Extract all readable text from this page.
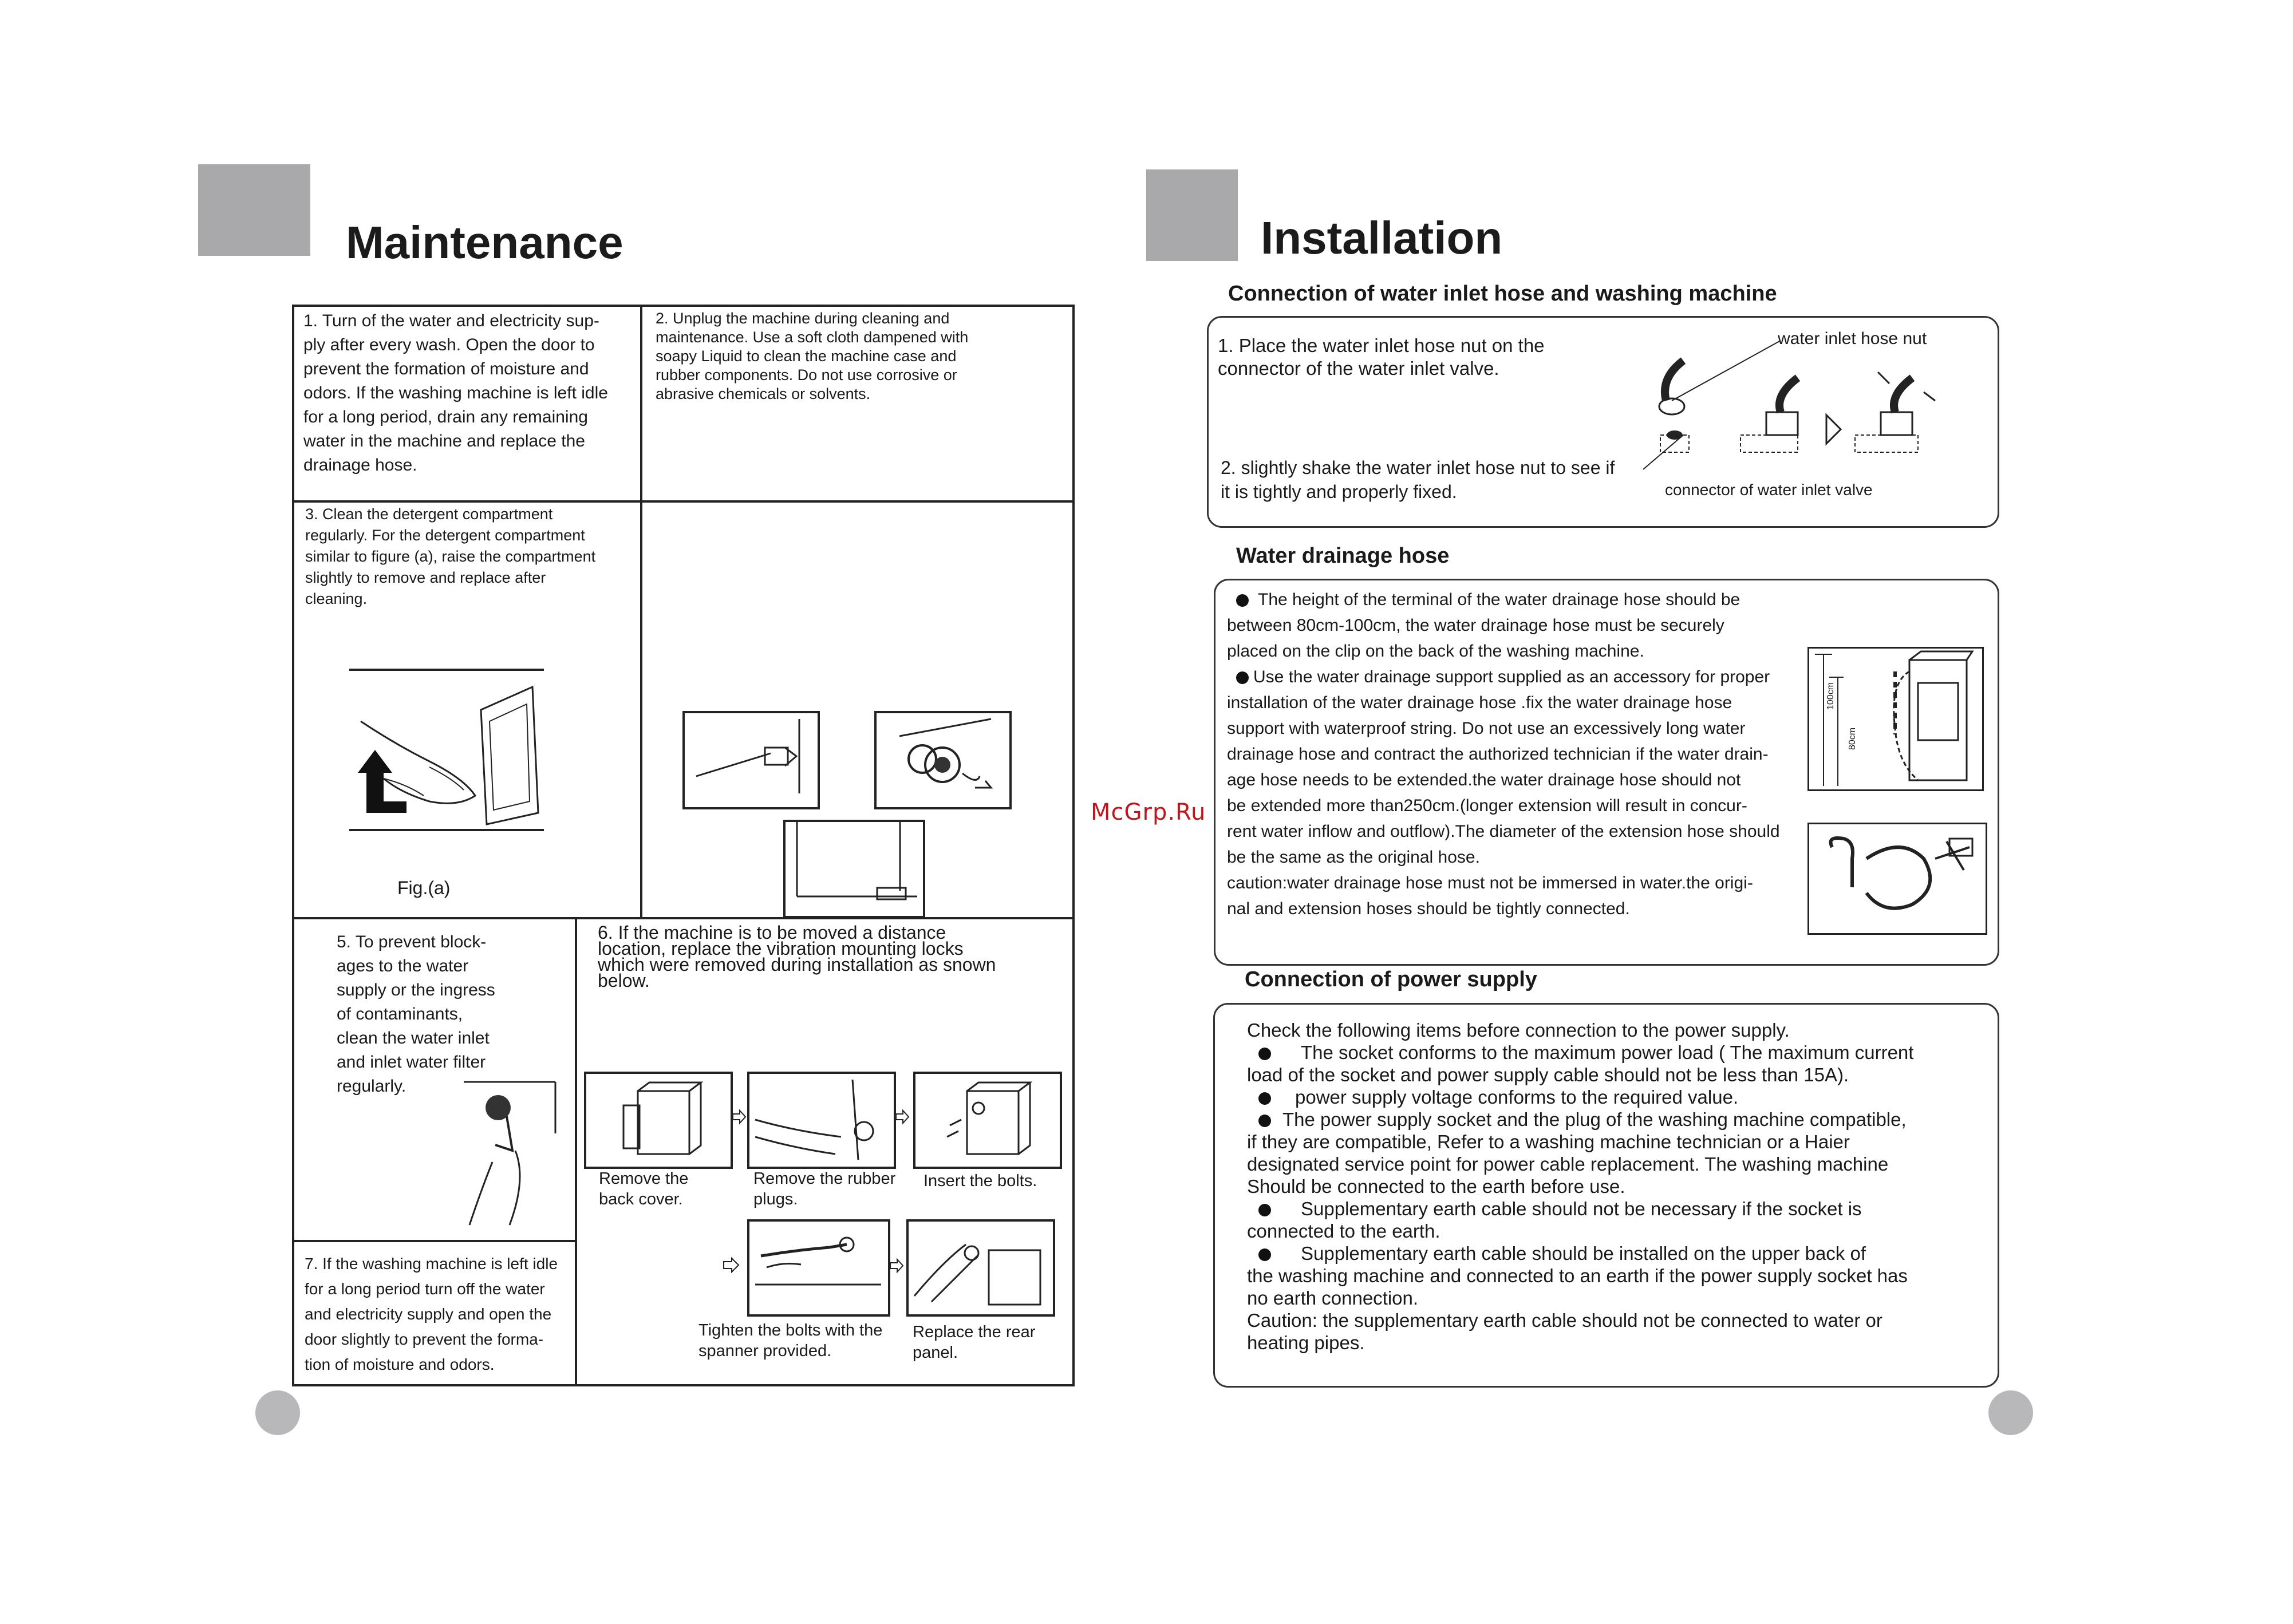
Maintenance
1. Turn of the water and electricity sup-
ply after every wash. Open the door to
prevent the formation of moisture and
odors. If the washing machine is left idle
for a long period, drain any remaining
water in the machine and replace the
drainage hose.
2. Unplug the machine during cleaning and
maintenance. Use a soft cloth dampened with
soapy Liquid to clean the machine case and
rubber components. Do not use corrosive or
abrasive chemicals or solvents.
3. Clean the detergent compartment
regularly. For the detergent compartment
similar to figure (a), raise the compartment
slightly to remove and replace after
cleaning.
Fig.(a)
5. To prevent block-
ages to the water
supply or the ingress
of contaminants,
clean the water inlet
and inlet water filter
regularly.
6. If the machine is to be moved a distance
location, replace the vibration mounting locks
which were removed during installation as snown
below.
Remove the
back cover.
Remove the rubber
plugs.
Insert the bolts.
Tighten the bolts with the
spanner provided.
Replace the rear
panel.
7. If the washing machine is left idle
for a long period turn off the water
and electricity supply and open the
door slightly to prevent the forma-
tion of moisture and odors.
McGrp.Ru
Installation
Connection of water inlet hose and washing machine
1. Place the water inlet hose nut on the
connector of the water inlet valve.
2. slightly shake the water inlet hose nut to see if
it is tightly and properly fixed.
water inlet hose nut
connector of water inlet valve
Water drainage hose
The height of the terminal of the water drainage hose should be
between 80cm-100cm, the water drainage hose must be securely
placed on the clip on the back of the washing machine.
Use the water drainage support supplied as an accessory for proper
installation of the water drainage hose .fix the water drainage hose
support with waterproof string. Do not use an excessively long water
drainage hose and contract the authorized technician if the water drain-
age hose needs to be extended.the water drainage hose should not
be extended more than250cm.(longer extension will result in concur-
rent water inflow and outflow).The diameter of the extension hose should
be the same as the original hose.
caution:water drainage hose must not be immersed in water.the origi-
nal and extension hoses should be tightly connected.
100cm
80cm
Connection of power supply
Check the following items before connection to the power supply.
The socket conforms to the maximum power load ( The maximum current
load of the socket and power supply cable should not be less than 15A).
power supply voltage conforms to the required value.
The power supply socket and the plug of the washing machine compatible,
if they are compatible, Refer to a washing machine technician or a Haier
designated service point for power cable replacement. The washing machine
Should be connected to the earth before use.
Supplementary earth cable should not be necessary if the socket is
connected to the earth.
Supplementary earth cable should be installed on the upper back of
the washing machine and connected to an earth if the power supply socket has
no earth connection.
Caution: the supplementary earth cable should not be connected to water or
heating pipes.
